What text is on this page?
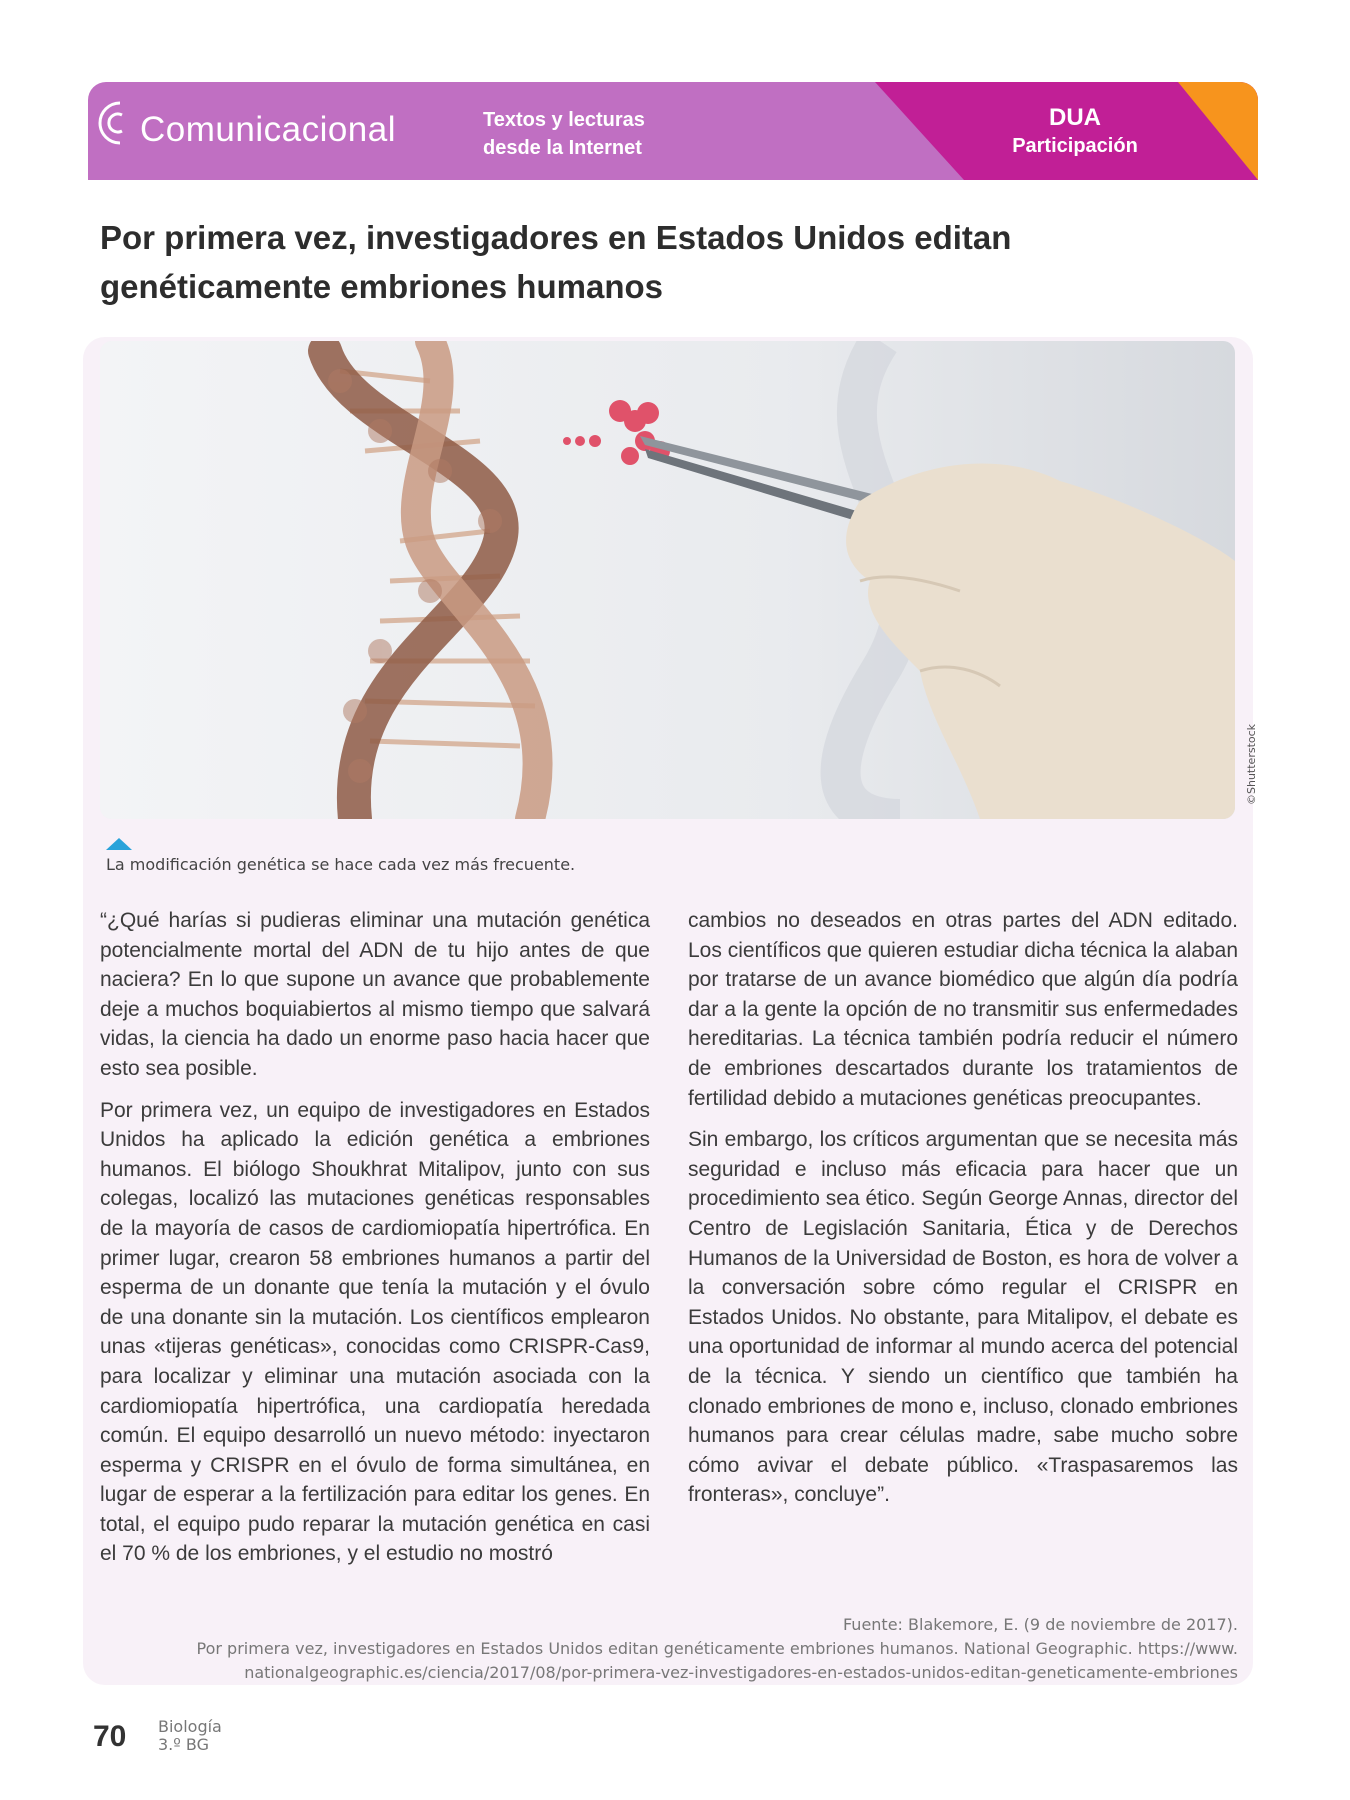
Comunicacional	Textos y lecturas
desde la Internet
DUA
Participación
Por primera vez, investigadores en Estados Unidos editan genéticamente embriones humanos
©Shutterstock
La modificación genética se hace cada vez más frecuente.

“¿Qué harías si pudieras eliminar una mutación genética potencialmente mortal del ADN de tu hijo antes de que naciera? En lo que supone un avance que probablemente deje a muchos boquiabiertos al mismo tiempo que salvará vidas, la ciencia ha dado un enorme paso hacia hacer que esto sea posible.

Por primera vez, un equipo de investigadores en Estados Unidos ha aplicado la edición genética a embriones humanos. El biólogo Shoukhrat Mitalipov, junto con sus colegas, localizó las mutaciones genéticas responsables de la mayoría de casos de cardiomiopatía hipertrófica. En primer lugar, crearon 58 embriones humanos a partir del esperma de un donante que tenía la mutación y el óvulo de una donante sin la mutación. Los científicos emplearon unas «tijeras genéticas», conocidas como CRISPR-Cas9, para localizar y eliminar una mutación asociada con la cardiomiopatía hipertrófica, una cardiopatía heredada común. El equipo desarrolló un nuevo método: inyectaron esperma y CRISPR en el óvulo de forma simultánea, en lugar de esperar a la fertilización para editar los genes. En total, el equipo pudo reparar la mutación genética en casi el 70 % de los embriones, y el estudio no mostró

cambios no deseados en otras partes del ADN editado. Los científicos que quieren estudiar dicha técnica la alaban por tratarse de un avance biomédico que algún día podría dar a la gente la opción de no transmitir sus enfermedades hereditarias. La técnica también podría reducir el número de embriones descartados durante los tratamientos de fertilidad debido a mutaciones genéticas preocupantes.

Sin embargo, los críticos argumentan que se necesita más seguridad e incluso más eficacia para hacer que un procedimiento sea ético. Según George Annas, director del Centro de Legislación Sanitaria, Ética y de Derechos Humanos de la Universidad de Boston, es hora de volver a la conversación sobre cómo regular el CRISPR en Estados Unidos. No obstante, para Mitalipov, el debate es una oportunidad de informar al mundo acerca del potencial de la técnica. Y siendo un científico que también ha clonado embriones de mono e, incluso, clonado embriones humanos para crear células madre, sabe mucho sobre cómo avivar el debate público. «Traspasaremos las fronteras», concluye”.

Fuente: Blakemore, E. (9 de noviembre de 2017).
Por primera vez, investigadores en Estados Unidos editan genéticamente embriones humanos. National Geographic. https://www.
nationalgeographic.es/ciencia/2017/08/por-primera-vez-investigadores-en-estados-unidos-editan-geneticamente-embriones
70 Biología
3.º BG
